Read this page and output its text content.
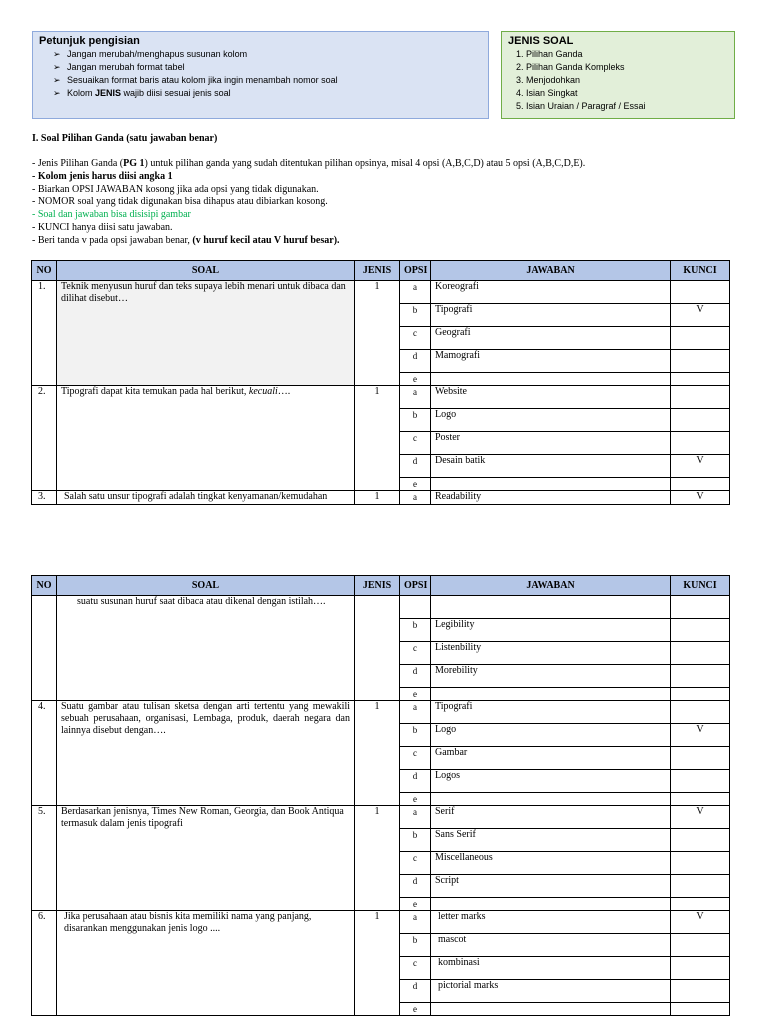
Petunjuk pengisian
➢ Jangan merubah/menghapus susunan kolom
➢ Jangan merubah format tabel
➢ Sesuaikan format baris atau kolom jika ingin menambah nomor soal
➢ Kolom JENIS wajib diisi sesuai jenis soal
JENIS SOAL
1. Pilihan Ganda
2. Pilihan Ganda Kompleks
3. Menjodohkan
4. Isian Singkat
5. Isian Uraian / Paragraf / Essai
I. Soal Pilihan Ganda (satu jawaban benar)
- Jenis Pilihan Ganda (PG 1) untuk pilihan ganda yang sudah ditentukan pilihan opsinya, misal 4 opsi (A,B,C,D) atau 5 opsi (A,B,C,D,E).
- Kolom jenis harus diisi angka 1
- Biarkan OPSI JAWABAN kosong jika ada opsi yang tidak digunakan.
- NOMOR soal yang tidak digunakan bisa dihapus atau dibiarkan kosong.
- Soal dan jawaban bisa disisipi gambar
- KUNCI hanya diisi satu jawaban.
- Beri tanda v pada opsi jawaban benar, (v huruf kecil atau V huruf besar).
NO	SOAL	JENIS	OPSI	JAWABAN	KUNCI
1.	Teknik menyusun huruf dan teks supaya lebih menari untuk dibaca dan dilihat disebut…	1	a	Koreografi	
			b	Tipografi	V
			c	Geografi	
			d	Mamografi	
			e		
2.	Tipografi dapat kita temukan pada hal berikut, kecuali….	1	a	Website	
			b	Logo	
			c	Poster	
			d	Desain batik	V
			e		
3.	Salah satu unsur tipografi adalah tingkat kenyamanan/kemudahan	1	a	Readability	V
NO	SOAL	JENIS	OPSI	JAWABAN	KUNCI
	suatu susunan huruf saat dibaca atau dikenal dengan istilah….				
			b	Legibility	
			c	Listenbility	
			d	Morebility	
			e		
4.	Suatu gambar atau tulisan sketsa dengan arti tertentu yang mewakili sebuah perusahaan, organisasi, Lembaga, produk, daerah negara dan lainnya disebut dengan….	1	a	Tipografi	
			b	Logo	V
			c	Gambar	
			d	Logos	
			e		
5.	Berdasarkan jenisnya, Times New Roman, Georgia, dan Book Antiqua termasuk dalam jenis tipografi	1	a	Serif	V
			b	Sans Serif	
			c	Miscellaneous	
			d	Script	
			e		
6.	Jika perusahaan atau bisnis kita memiliki nama yang panjang, disarankan menggunakan jenis logo ....	1	a	letter marks	V
			b	mascot	
			c	kombinasi	
			d	pictorial marks	
			e		
